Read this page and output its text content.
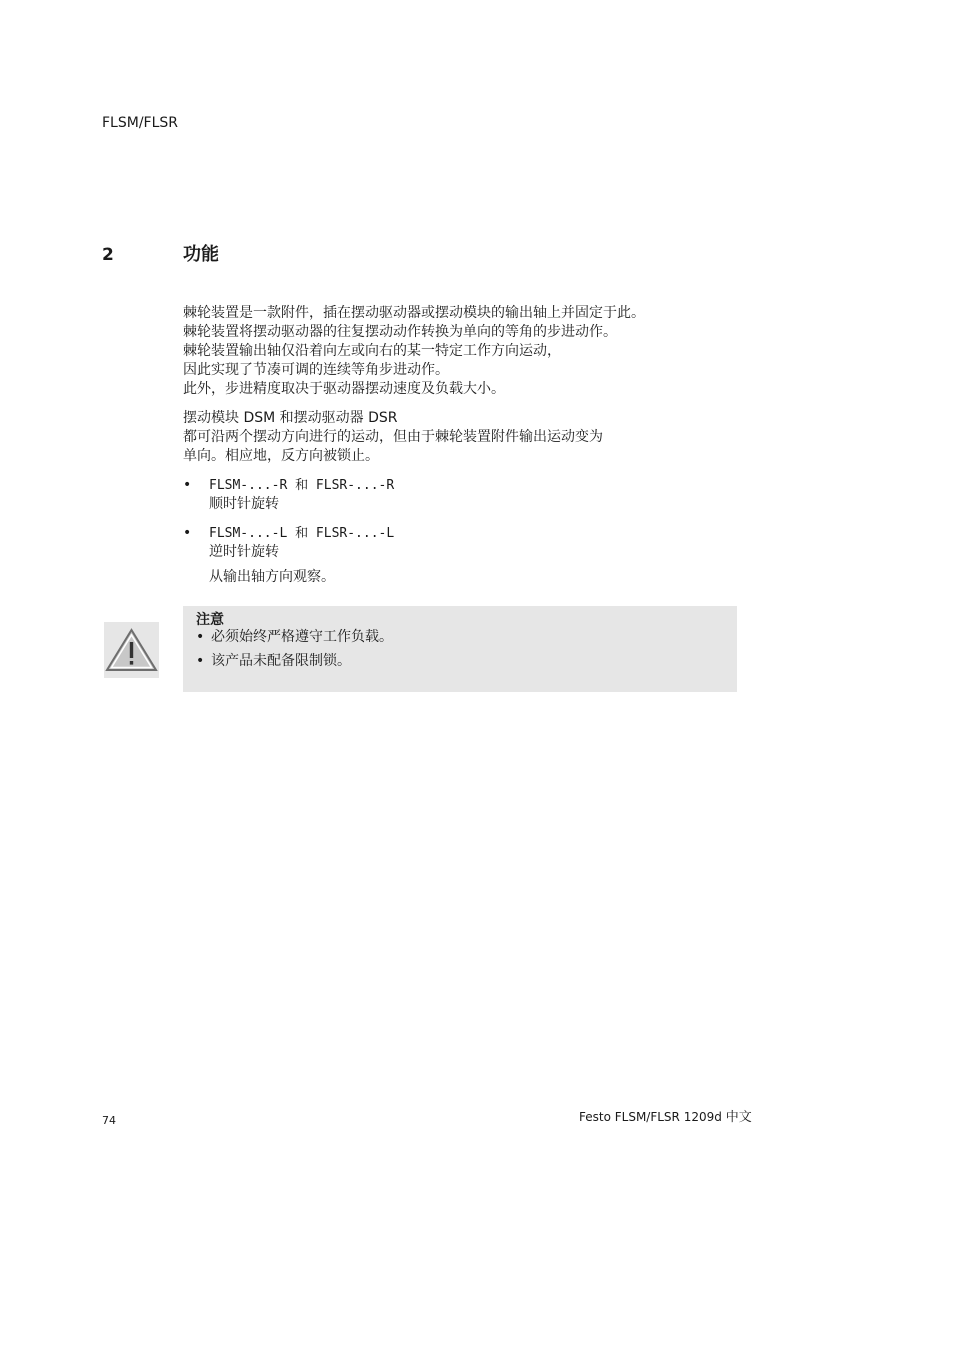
FLSM/FLSR
2	功能
棘轮装置是一款附件，插在摆动驱动器或摆动模块的输出轴上并固定于此。
棘轮装置将摆动驱动器的往复摆动动作转换为单向的等角的步进动作。
棘轮装置输出轴仅沿着向左或向右的某一特定工作方向运动，
因此实现了节凑可调的连续等角步进动作。
此外，步进精度取决于驱动器摆动速度及负载大小。
摆动模块 DSM 和摆动驱动器 DSR
都可沿两个摆动方向进行的运动，但由于棘轮装置附件输出运动变为
单向。相应地，反方向被锁止。
• FLSM-...-R 和 FLSR-...-R
顺时针旋转
• FLSM-...-L 和 FLSR-...-L
逆时针旋转
从输出轴方向观察。
注意
• 必须始终严格遵守工作负载。
• 该产品未配备限制锁。
74	Festo FLSM/FLSR 1209d 中文
